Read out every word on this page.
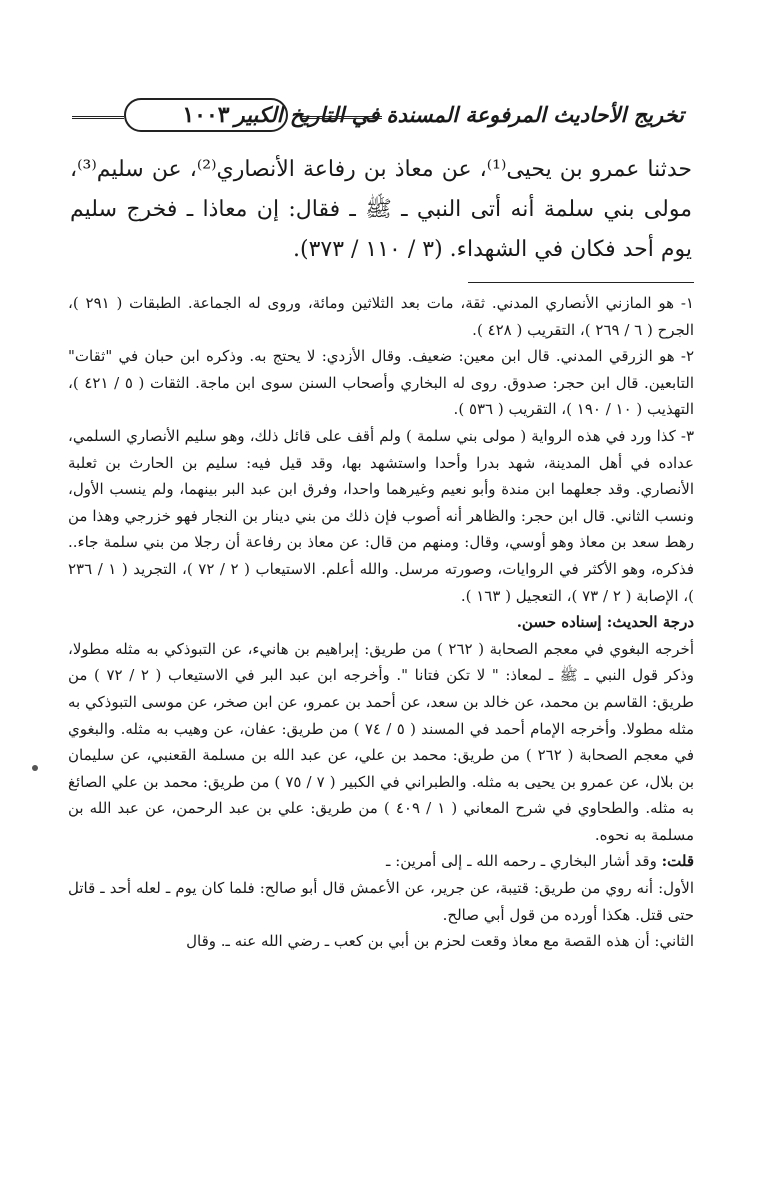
تخريج الأحاديث المرفوعة المسندة في التاريخ الكبير
١٠٠٣

حدثنا عمرو بن يحيى⁽¹⁾، عن معاذ بن رفاعة الأنصاري⁽²⁾، عن سليم⁽³⁾، مولى بني سلمة أنه أتى النبي ـ ﷺ ـ فقال: إن معاذا ـ فخرج سليم يوم أحد فكان في الشهداء. (٣ / ١١٠ / ٣٧٣).

١- هو المازني الأنصاري المدني. ثقة، مات بعد الثلاثين ومائة، وروى له الجماعة. الطبقات ( ٢٩١ )، الجرح ( ٦ / ٢٦٩ )، التقريب ( ٤٢٨ ).

٢- هو الزرقي المدني. قال ابن معين: ضعيف. وقال الأزدي: لا يحتج به. وذكره ابن حبان في "ثقات" التابعين. قال ابن حجر: صدوق. روى له البخاري وأصحاب السنن سوى ابن ماجة. الثقات ( ٥ / ٤٢١ )، التهذيب ( ١٠ / ١٩٠ )، التقريب ( ٥٣٦ ).

٣- كذا ورد في هذه الرواية ( مولى بني سلمة ) ولم أقف على قائل ذلك، وهو سليم الأنصاري السلمي، عداده في أهل المدينة، شهد بدرا وأحدا واستشهد بها، وقد قيل فيه: سليم بن الحارث بن ثعلبة الأنصاري. وقد جعلهما ابن مندة وأبو نعيم وغيرهما واحدا، وفرق ابن عبد البر بينهما، ولم ينسب الأول، ونسب الثاني. قال ابن حجر: والظاهر أنه أصوب فإن ذلك من بني دينار بن النجار فهو خزرجي وهذا من رهط سعد بن معاذ وهو أوسي، وقال: ومنهم من قال: عن معاذ بن رفاعة أن رجلا من بني سلمة جاء.. فذكره، وهو الأكثر في الروايات، وصورته مرسل. والله أعلم. الاستيعاب ( ٢ / ٧٢ )، التجريد ( ١ / ٢٣٦ )، الإصابة ( ٢ / ٧٣ )، التعجيل ( ١٦٣ ).

درجة الحديث: إسناده حسن.

أخرجه البغوي في معجم الصحابة ( ٢٦٢ ) من طريق: إبراهيم بن هانيء، عن التبوذكي به مثله مطولا، وذكر قول النبي ـ ﷺ ـ لمعاذ: " لا تكن فتانا ". وأخرجه ابن عبد البر في الاستيعاب ( ٢ / ٧٢ ) من طريق: القاسم بن محمد، عن خالد بن سعد، عن أحمد بن عمرو، عن ابن صخر، عن موسى التبوذكي به مثله مطولا. وأخرجه الإمام أحمد في المسند ( ٥ / ٧٤ ) من طريق: عفان، عن وهيب به مثله. والبغوي في معجم الصحابة ( ٢٦٢ ) من طريق: محمد بن علي، عن عبد الله بن مسلمة القعنبي، عن سليمان بن بلال، عن عمرو بن يحيى به مثله. والطبراني في الكبير ( ٧ / ٧٥ ) من طريق: محمد بن علي الصائغ به مثله. والطحاوي في شرح المعاني ( ١ / ٤٠٩ ) من طريق: علي بن عبد الرحمن، عن عبد الله بن مسلمة به نحوه.

قلت: وقد أشار البخاري ـ رحمه الله ـ إلى أمرين: ـ

الأول: أنه روي من طريق: قتيبة، عن جرير، عن الأعمش قال أبو صالح: فلما كان يوم ـ لعله أحد ـ قاتل حتى قتل. هكذا أورده من قول أبي صالح.

الثاني: أن هذه القصة مع معاذ وقعت لحزم بن أبي بن كعب ـ رضي الله عنه ـ. وقال
